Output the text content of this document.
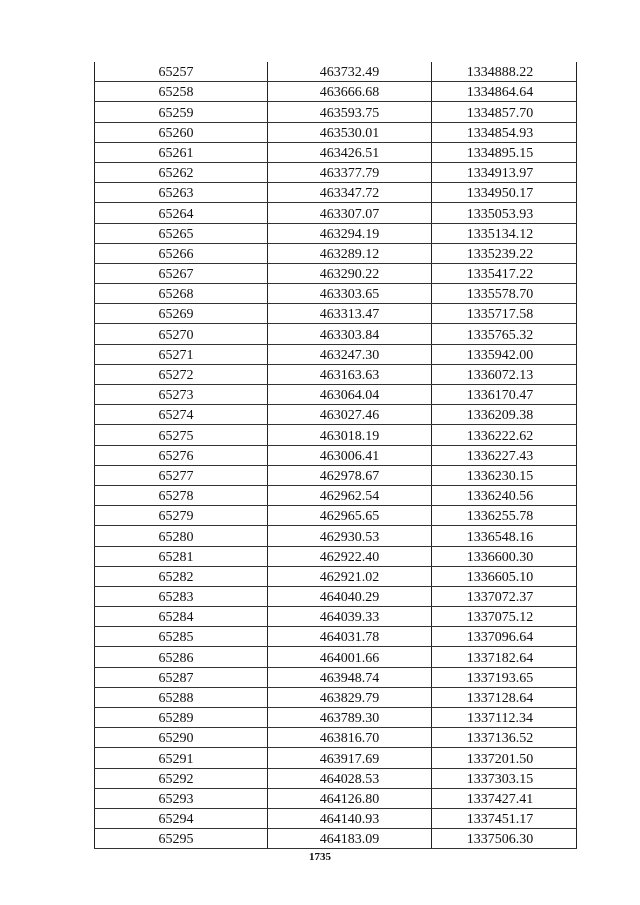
65257	463732.49	1334888.22
65258	463666.68	1334864.64
65259	463593.75	1334857.70
65260	463530.01	1334854.93
65261	463426.51	1334895.15
65262	463377.79	1334913.97
65263	463347.72	1334950.17
65264	463307.07	1335053.93
65265	463294.19	1335134.12
65266	463289.12	1335239.22
65267	463290.22	1335417.22
65268	463303.65	1335578.70
65269	463313.47	1335717.58
65270	463303.84	1335765.32
65271	463247.30	1335942.00
65272	463163.63	1336072.13
65273	463064.04	1336170.47
65274	463027.46	1336209.38
65275	463018.19	1336222.62
65276	463006.41	1336227.43
65277	462978.67	1336230.15
65278	462962.54	1336240.56
65279	462965.65	1336255.78
65280	462930.53	1336548.16
65281	462922.40	1336600.30
65282	462921.02	1336605.10
65283	464040.29	1337072.37
65284	464039.33	1337075.12
65285	464031.78	1337096.64
65286	464001.66	1337182.64
65287	463948.74	1337193.65
65288	463829.79	1337128.64
65289	463789.30	1337112.34
65290	463816.70	1337136.52
65291	463917.69	1337201.50
65292	464028.53	1337303.15
65293	464126.80	1337427.41
65294	464140.93	1337451.17
65295	464183.09	1337506.30
1735
